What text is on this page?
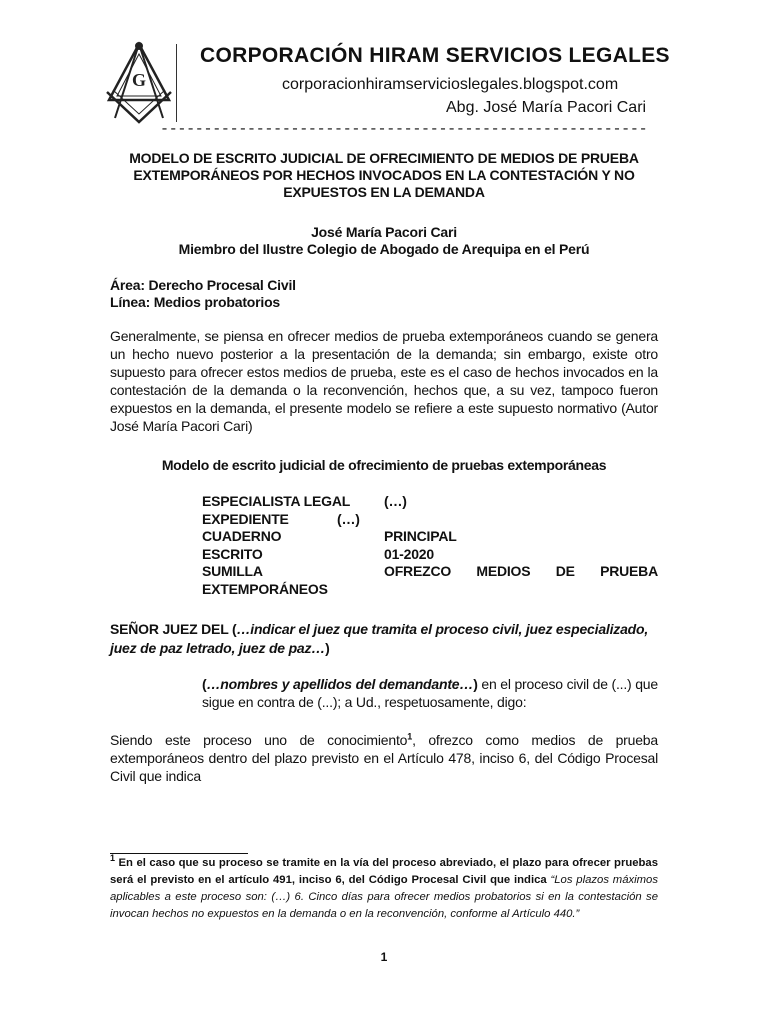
G
CORPORACIÓN HIRAM SERVICIOS LEGALES
corporacionhiramservicioslegales.blogspot.com
Abg. José María Pacori Cari
--------------------------------------------------------
MODELO DE ESCRITO JUDICIAL DE OFRECIMIENTO DE MEDIOS DE PRUEBA
EXTEMPORÁNEOS POR HECHOS INVOCADOS EN LA CONTESTACIÓN Y NO
EXPUESTOS EN LA DEMANDA
José María Pacori Cari
Miembro del Ilustre Colegio de Abogado de Arequipa en el Perú
Área: Derecho Procesal Civil
Línea: Medios probatorios
Generalmente, se piensa en ofrecer medios de prueba extemporáneos cuando se genera un hecho nuevo posterior a la presentación de la demanda; sin embargo, existe otro supuesto para ofrecer estos medios de prueba, este es el caso de hechos invocados en la contestación de la demanda o la reconvención, hechos que, a su vez, tampoco fueron expuestos en la demanda, el presente modelo se refiere a este supuesto normativo (Autor José María Pacori Cari)
Modelo de escrito judicial de ofrecimiento de pruebas extemporáneas
ESPECIALISTA LEGAL (…)
EXPEDIENTE	(…)
CUADERNO	PRINCIPAL
ESCRITO	01-2020
SUMILLA	OFREZCO MEDIOS DE PRUEBA
EXTEMPORÁNEOS
SEÑOR JUEZ DEL (…indicar el juez que tramita el proceso civil, juez especializado, juez de paz letrado, juez de paz…)
(…nombres y apellidos del demandante…) en el proceso civil de (...) que sigue en contra de (...); a Ud., respetuosamente, digo:
Siendo este proceso uno de conocimiento$^1$, ofrezco como medios de prueba extemporáneos dentro del plazo previsto en el Artículo 478, inciso 6, del Código Procesal Civil que indica
$^1$ En el caso que su proceso se tramite en la vía del proceso abreviado, el plazo para ofrecer pruebas será el previsto en el artículo 491, inciso 6, del Código Procesal Civil que indica “Los plazos máximos aplicables a este proceso son: (…) 6. Cinco días para ofrecer medios probatorios si en la contestación se invocan hechos no expuestos en la demanda o en la reconvención, conforme al Artículo 440.”
1
